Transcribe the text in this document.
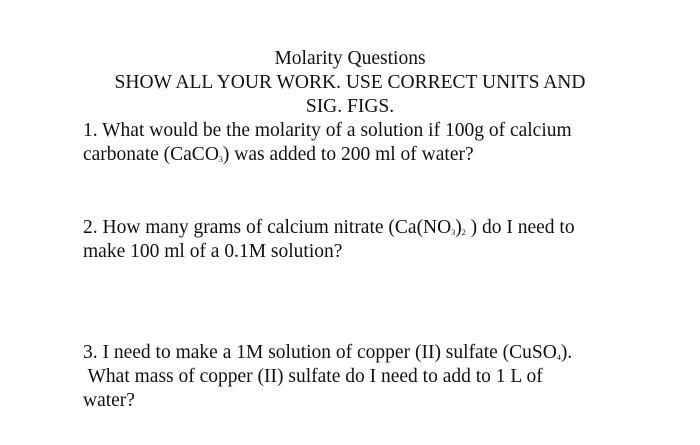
Molarity Questions
SHOW ALL YOUR WORK. USE CORRECT UNITS AND
SIG. FIGS.
1. What would be the molarity of a solution if 100g of calcium
carbonate (CaCO$_3$) was added to 200 ml of water?
2. How many grams of calcium nitrate ($Ca(NO_3)_2$ ) do I need to
make 100 ml of a 0.1M solution?
3. I need to make a 1M solution of copper (II) sulfate (CuSO$_4$).
What mass of copper (II) sulfate do I need to add to 1 L of
water?
